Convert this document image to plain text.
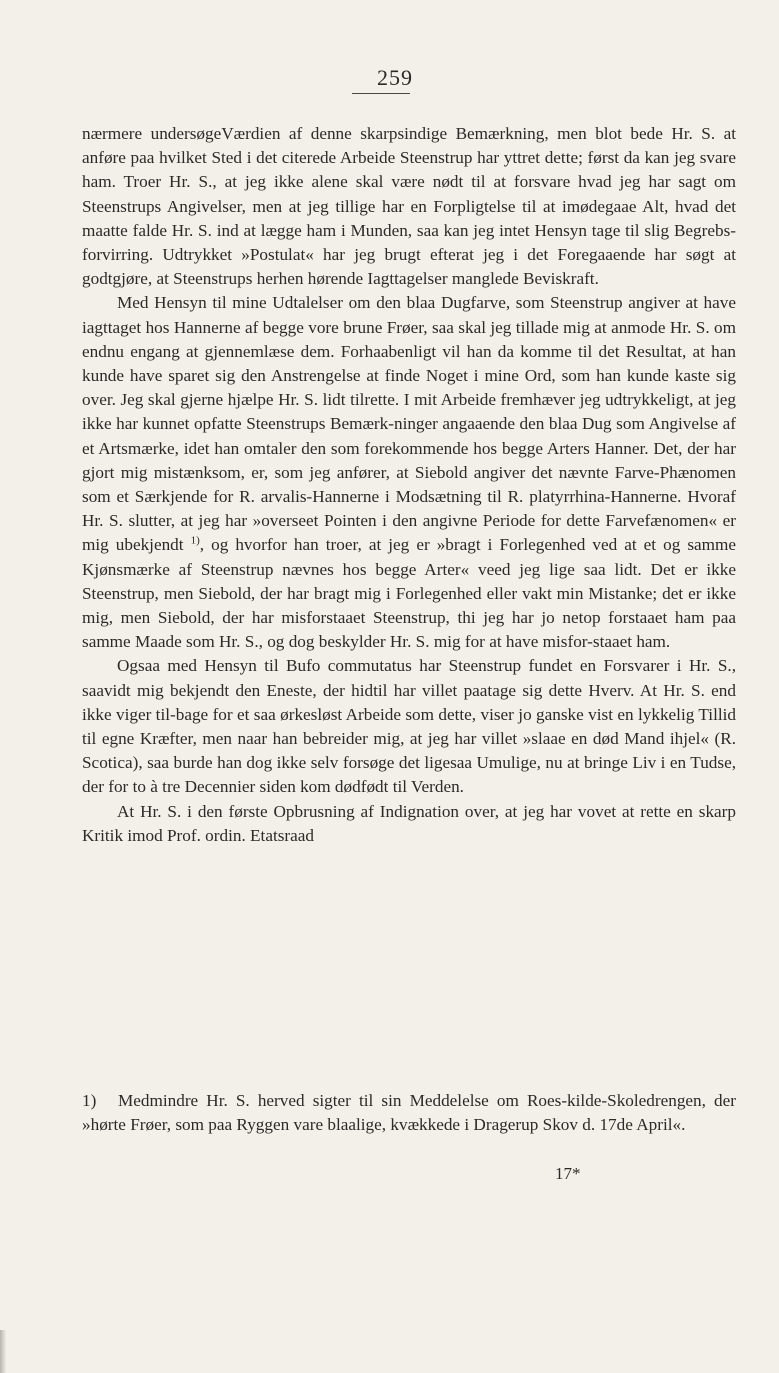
259

nærmere undersøgeVærdien af denne skarpsindige Bemærkning, men blot bede Hr. S. at anføre paa hvilket Sted i det citerede Arbeide Steenstrup har yttret dette; først da kan jeg svare ham. Troer Hr. S., at jeg ikke alene skal være nødt til at forsvare hvad jeg har sagt om Steenstrups Angivelser, men at jeg tillige har en Forpligtelse til at imødegaae Alt, hvad det maatte falde Hr. S. ind at lægge ham i Munden, saa kan jeg intet Hensyn tage til slig Begrebs-forvirring. Udtrykket »Postulat« har jeg brugt efterat jeg i det Foregaaende har søgt at godtgjøre, at Steenstrups herhen hørende Iagttagelser manglede Beviskraft.

Med Hensyn til mine Udtalelser om den blaa Dugfarve, som Steenstrup angiver at have iagttaget hos Hannerne af begge vore brune Frøer, saa skal jeg tillade mig at anmode Hr. S. om endnu engang at gjennemlæse dem. Forhaabenligt vil han da komme til det Resultat, at han kunde have sparet sig den Anstrengelse at finde Noget i mine Ord, som han kunde kaste sig over. Jeg skal gjerne hjælpe Hr. S. lidt tilrette. I mit Arbeide fremhæver jeg udtrykkeligt, at jeg ikke har kunnet opfatte Steenstrups Bemærk-ninger angaaende den blaa Dug som Angivelse af et Artsmærke, idet han omtaler den som forekommende hos begge Arters Hanner. Det, der har gjort mig mistænksom, er, som jeg anfører, at Siebold angiver det nævnte Farve-Phænomen som et Særkjende for R. arvalis-Hannerne i Modsætning til R. platyrrhina-Hannerne. Hvoraf Hr. S. slutter, at jeg har »overseet Pointen i den angivne Periode for dette Farvefænomen« er mig ubekjendt $^{1)}$, og hvorfor han troer, at jeg er »bragt i Forlegenhed ved at et og samme Kjønsmærke af Steenstrup nævnes hos begge Arter« veed jeg lige saa lidt. Det er ikke Steenstrup, men Siebold, der har bragt mig i Forlegenhed eller vakt min Mistanke; det er ikke mig, men Siebold, der har misforstaaet Steenstrup, thi jeg har jo netop forstaaet ham paa samme Maade som Hr. S., og dog beskylder Hr. S. mig for at have misfor-staaet ham.

Ogsaa med Hensyn til Bufo commutatus har Steenstrup fundet en Forsvarer i Hr. S., saavidt mig bekjendt den Eneste, der hidtil har villet paatage sig dette Hverv. At Hr. S. end ikke viger til-bage for et saa ørkesløst Arbeide som dette, viser jo ganske vist en lykkelig Tillid til egne Kræfter, men naar han bebreider mig, at jeg har villet »slaae en død Mand ihjel« (R. Scotica), saa burde han dog ikke selv forsøge det ligesaa Umulige, nu at bringe Liv i en Tudse, der for to à tre Decennier siden kom dødfødt til Verden.

At Hr. S. i den første Opbrusning af Indignation over, at jeg har vovet at rette en skarp Kritik imod Prof. ordin. Etatsraad

1) Medmindre Hr. S. herved sigter til sin Meddelelse om Roes-kilde-Skoledrengen, der »hørte Frøer, som paa Ryggen vare blaalige, kvækkede i Dragerup Skov d. 17de April«.
17*
